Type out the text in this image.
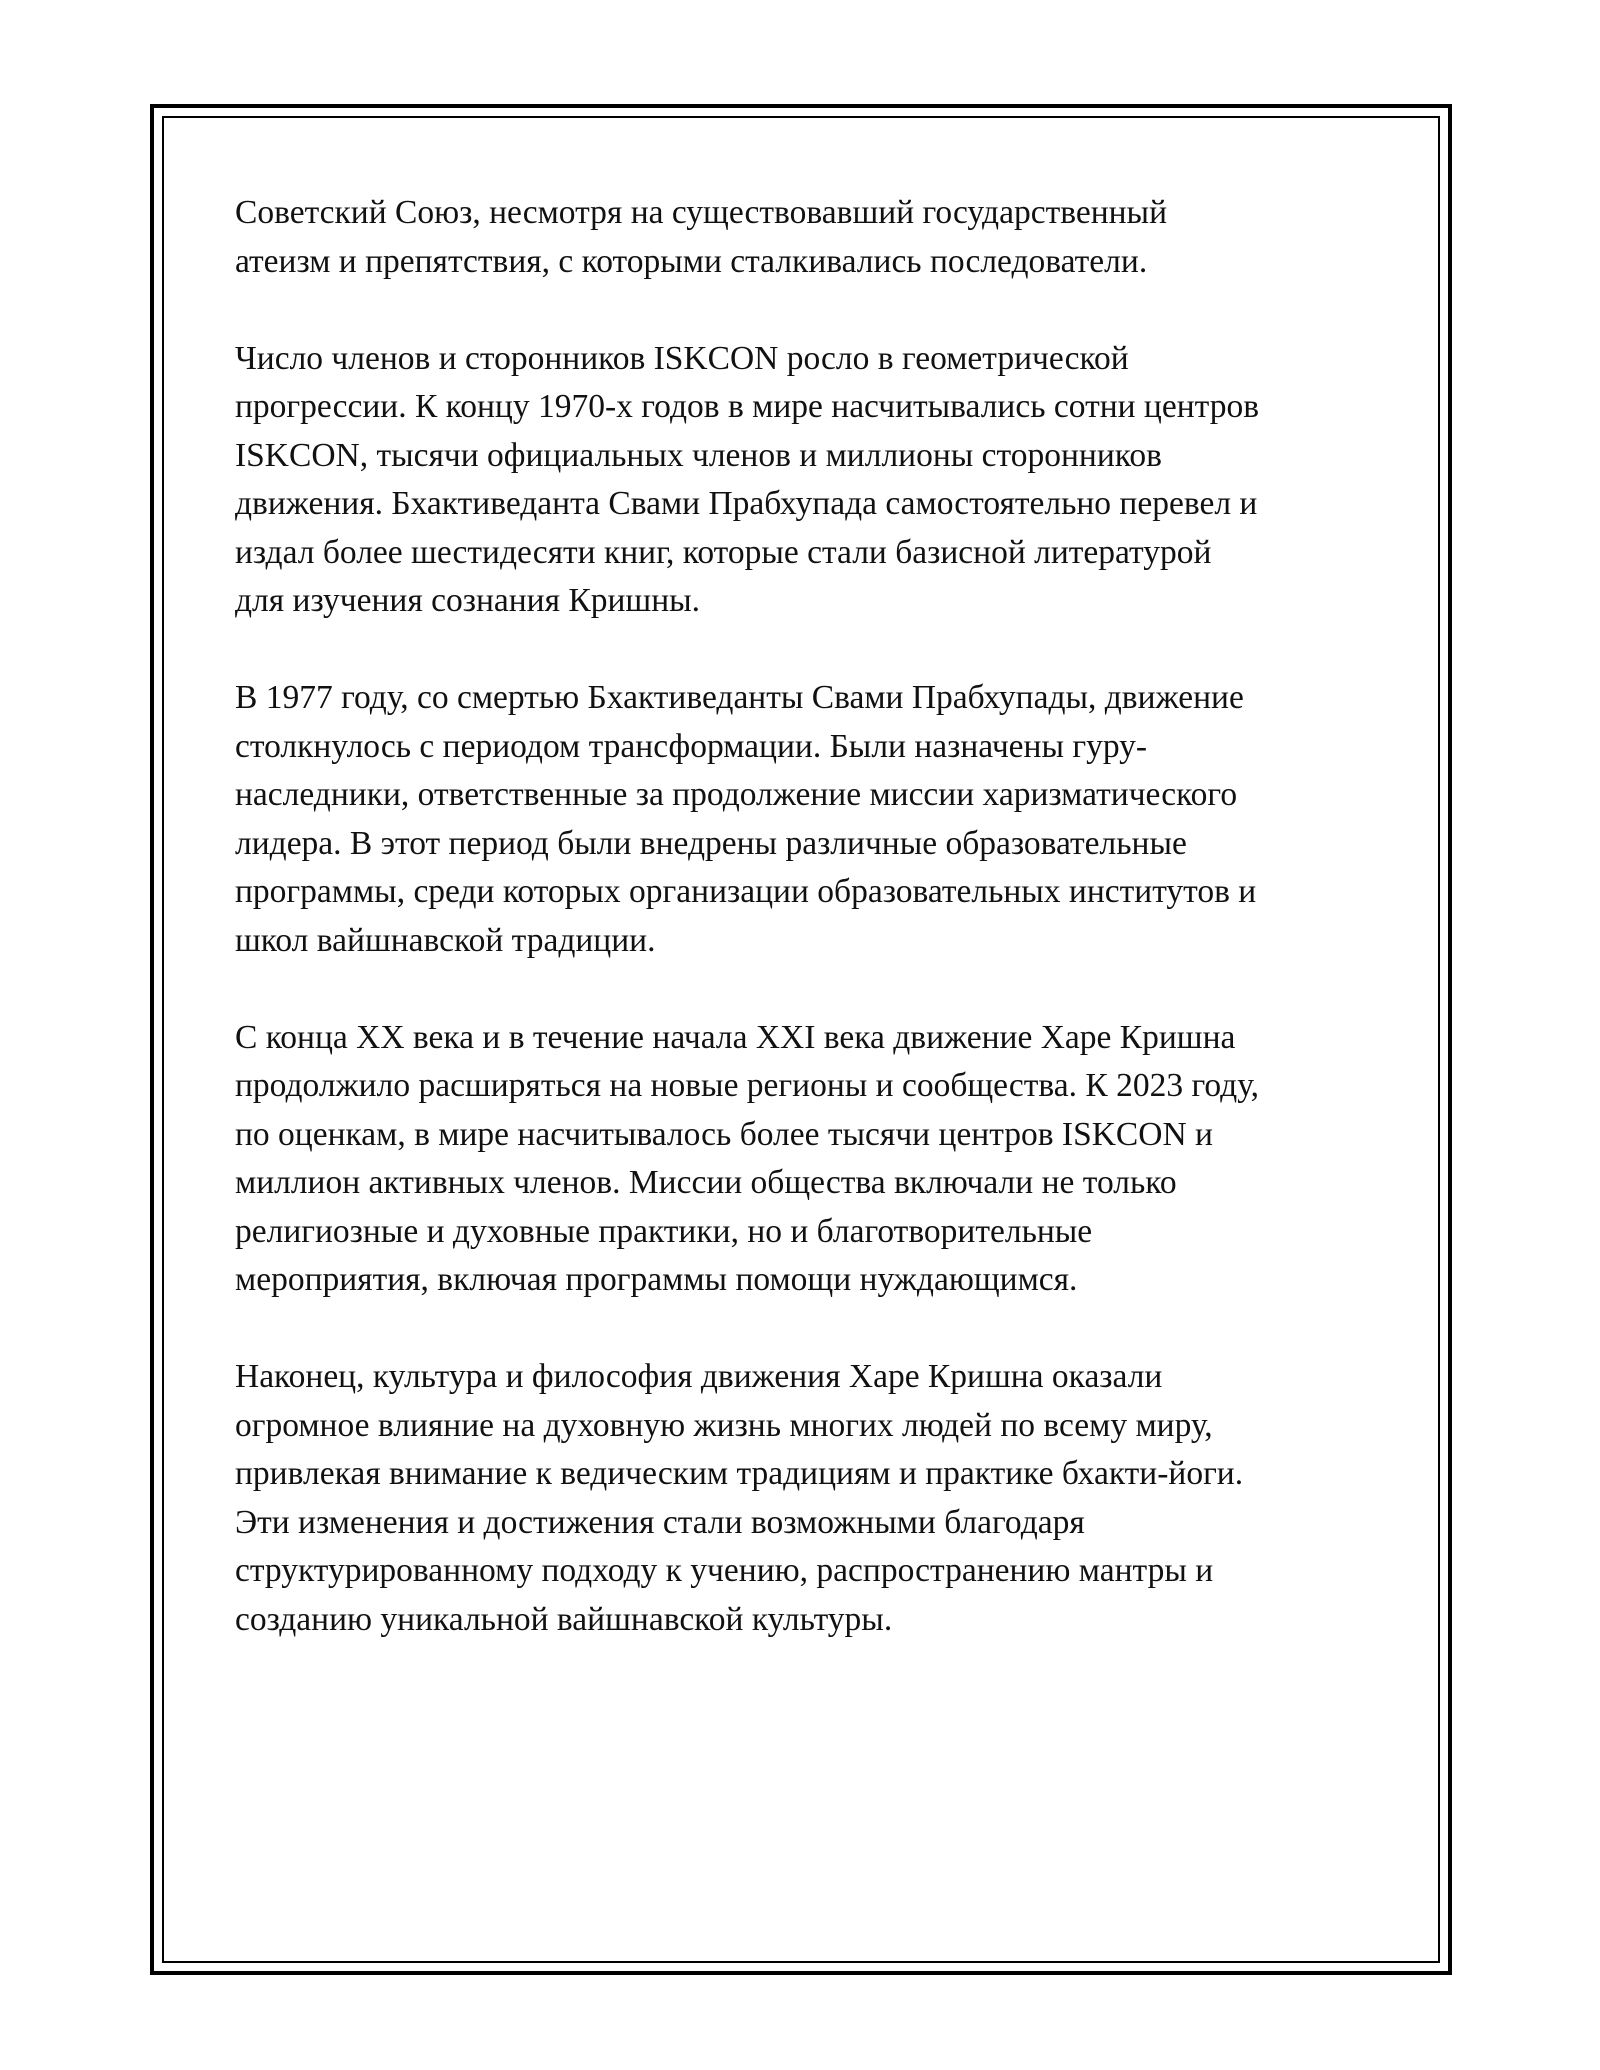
Советский Союз, несмотря на существовавший государственный
атеизм и препятствия, с которыми сталкивались последователи.

Число членов и сторонников ISKCON росло в геометрической
прогрессии. К концу 1970-х годов в мире насчитывались сотни центров
ISKCON, тысячи официальных членов и миллионы сторонников
движения. Бхактиведанта Свами Прабхупада самостоятельно перевел и
издал более шестидесяти книг, которые стали базисной литературой
для изучения сознания Кришны.

В 1977 году, со смертью Бхактиведанты Свами Прабхупады, движение
столкнулось с периодом трансформации. Были назначены гуру-
наследники, ответственные за продолжение миссии харизматического
лидера. В этот период были внедрены различные образовательные
программы, среди которых организации образовательных институтов и
школ вайшнавской традиции.

С конца XX века и в течение начала XXI века движение Харе Кришна
продолжило расширяться на новые регионы и сообщества. К 2023 году,
по оценкам, в мире насчитывалось более тысячи центров ISKCON и
миллион активных членов. Миссии общества включали не только
религиозные и духовные практики, но и благотворительные
мероприятия, включая программы помощи нуждающимся.

Наконец, культура и философия движения Харе Кришна оказали
огромное влияние на духовную жизнь многих людей по всему миру,
привлекая внимание к ведическим традициям и практике бхакти-йоги.
Эти изменения и достижения стали возможными благодаря
структурированному подходу к учению, распространению мантры и
созданию уникальной вайшнавской культуры.
